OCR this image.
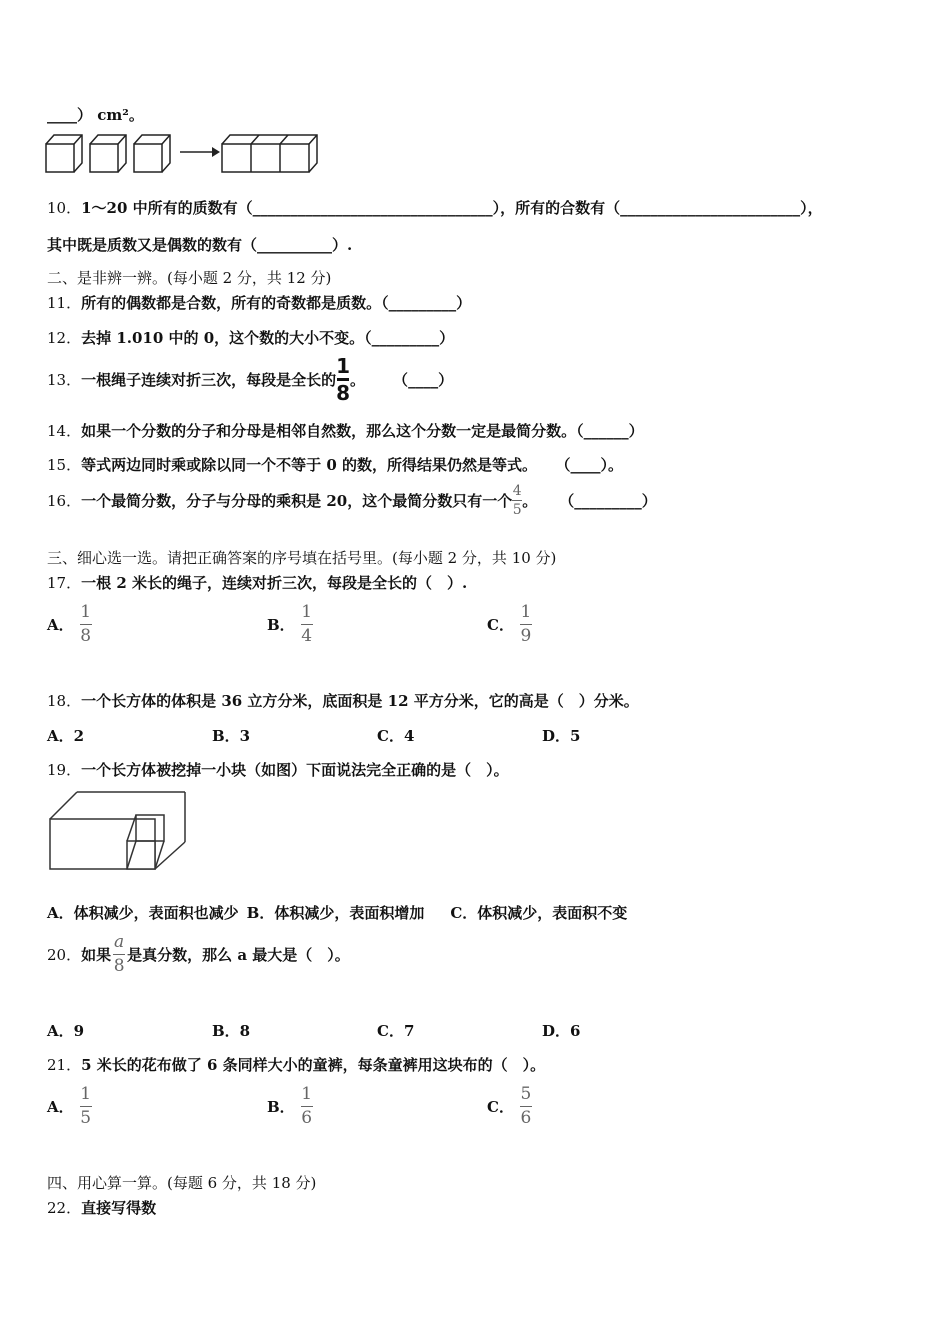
____） cm²。
10．1～20 中所有的质数有（________________________________），所有的合数有（________________________），
其中既是质数又是偶数的数有（__________）.
二、是非辨一辨。(每小题 2 分，共 12 分)
11．所有的偶数都是合数，所有的奇数都是质数。（_________）
12．去掉 1.010 中的 0，这个数的大小不变。（_________）
13． 一根绳子连续对折三次，每段是全长的
1
8
。 （ ____ ）
14．如果一个分数的分子和分母是相邻自然数，那么这个分数一定是最简分数。（______）
15．等式两边同时乘或除以同一个不等于 0 的数，所得结果仍然是等式。 （____）。
16． 一个最简分数，分子与分母的乘积是 20，这个最简分数只有一个 $\frac{4}{5}$ 。 （ _________ ）
三、细心选一选。请把正确答案的序号填在括号里。(每小题 2 分，共 10 分)
17．一根 2 米长的绳子，连续对折三次，每段是全长的（　）.
A． $\frac{1}{8}$	B． $\frac{1}{4}$	C． $\frac{1}{9}$
18．一个长方体的体积是 36 立方分米，底面积是 12 平方分米，它的高是（　）分米。
A．2	B．3	C．4	D．5
19．一个长方体被挖掉一小块（如图）下面说法完全正确的是（　）。
A．体积减少，表面积也减少 B．体积减少，表面积增加 C．体积减少，表面积不变
20． 如果 $\frac{a}{8}$ 是真分数，那么 a 最大是（　）。
A．9	B．8	C．7	D．6
21．5 米长的花布做了 6 条同样大小的童裤，每条童裤用这块布的（　）。
A． $\frac{1}{5}$	B． $\frac{1}{6}$	C． $\frac{5}{6}$
四、用心算一算。(每题 6 分，共 18 分)
22．直接写得数
